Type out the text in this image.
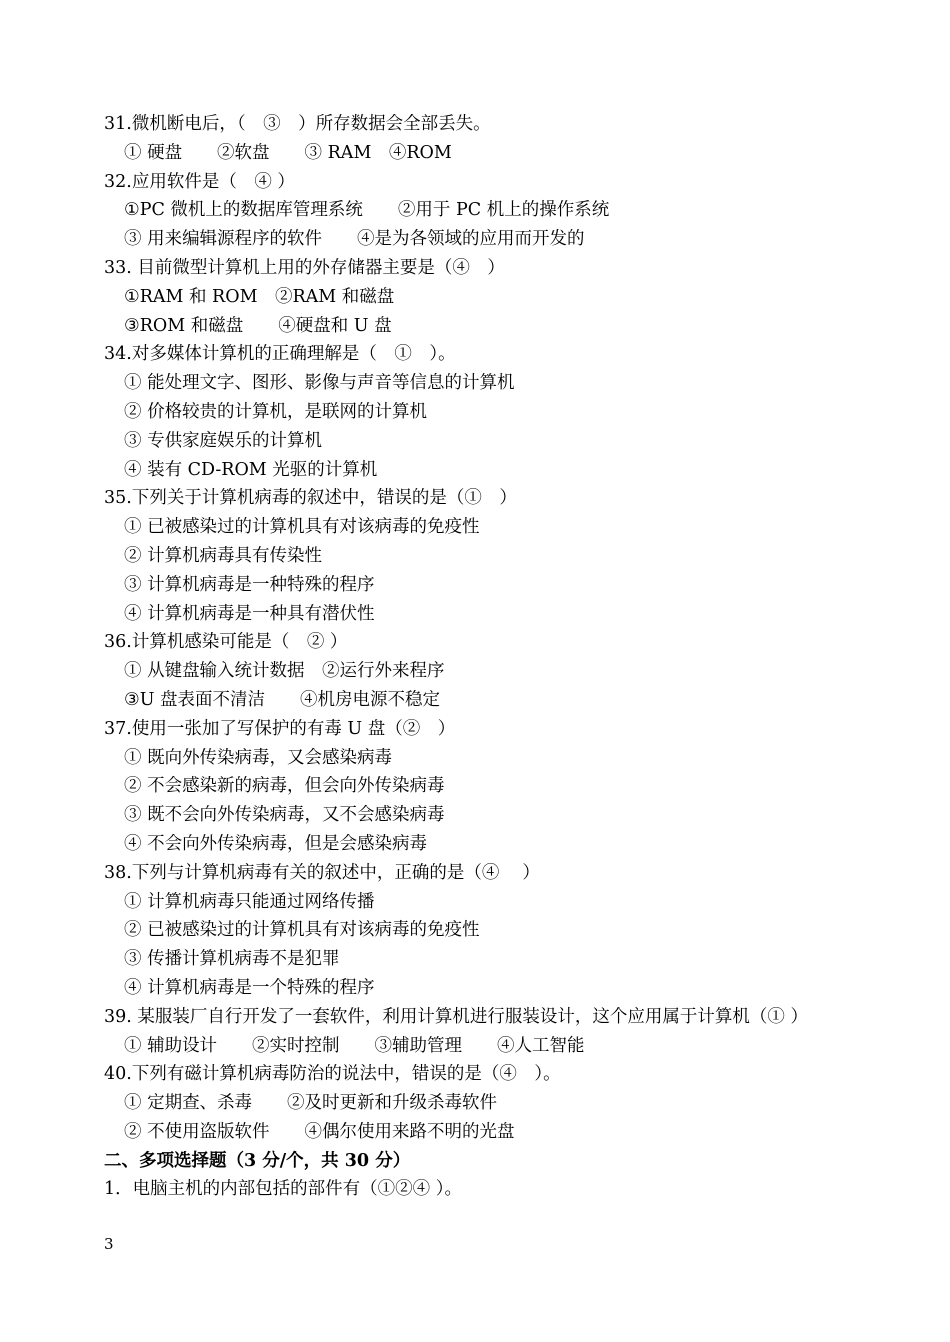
31.微机断电后，（　③　）所存数据会全部丢失。
① 硬盘　　②软盘　　③ RAM　④ROM
32.应用软件是（　④ ）
①PC 微机上的数据库管理系统　　②用于 PC 机上的操作系统
③ 用来编辑源程序的软件　　④是为各领域的应用而开发的
33. 目前微型计算机上用的外存储器主要是（④　）
①RAM 和 ROM　②RAM 和磁盘
③ROM 和磁盘　　④硬盘和 U 盘
34.对多媒体计算机的正确理解是（　①　）。
① 能处理文字、图形、影像与声音等信息的计算机
② 价格较贵的计算机，是联网的计算机
③ 专供家庭娱乐的计算机
④ 装有 CD-ROM 光驱的计算机
35.下列关于计算机病毒的叙述中，错误的是（①　）
① 已被感染过的计算机具有对该病毒的免疫性
② 计算机病毒具有传染性
③ 计算机病毒是一种特殊的程序
④ 计算机病毒是一种具有潜伏性
36.计算机感染可能是（　② ）
① 从键盘输入统计数据　②运行外来程序
③U 盘表面不清洁　　④机房电源不稳定
37.使用一张加了写保护的有毒 U 盘（②　）
① 既向外传染病毒，又会感染病毒
② 不会感染新的病毒，但会向外传染病毒
③ 既不会向外传染病毒，又不会感染病毒
④ 不会向外传染病毒，但是会感染病毒
38.下列与计算机病毒有关的叙述中，正确的是（④　 ）
① 计算机病毒只能通过网络传播
② 已被感染过的计算机具有对该病毒的免疫性
③ 传播计算机病毒不是犯罪
④ 计算机病毒是一个特殊的程序
39. 某服装厂自行开发了一套软件，利用计算机进行服装设计，这个应用属于计算机（① ）
① 辅助设计　　②实时控制　　③辅助管理　　④人工智能
40.下列有磁计算机病毒防治的说法中，错误的是（④　）。
① 定期查、杀毒　　②及时更新和升级杀毒软件
② 不使用盗版软件　　④偶尔使用来路不明的光盘
二、多项选择题（3 分/个，共 30 分）
1．电脑主机的内部包括的部件有（①②④ ）。
3
